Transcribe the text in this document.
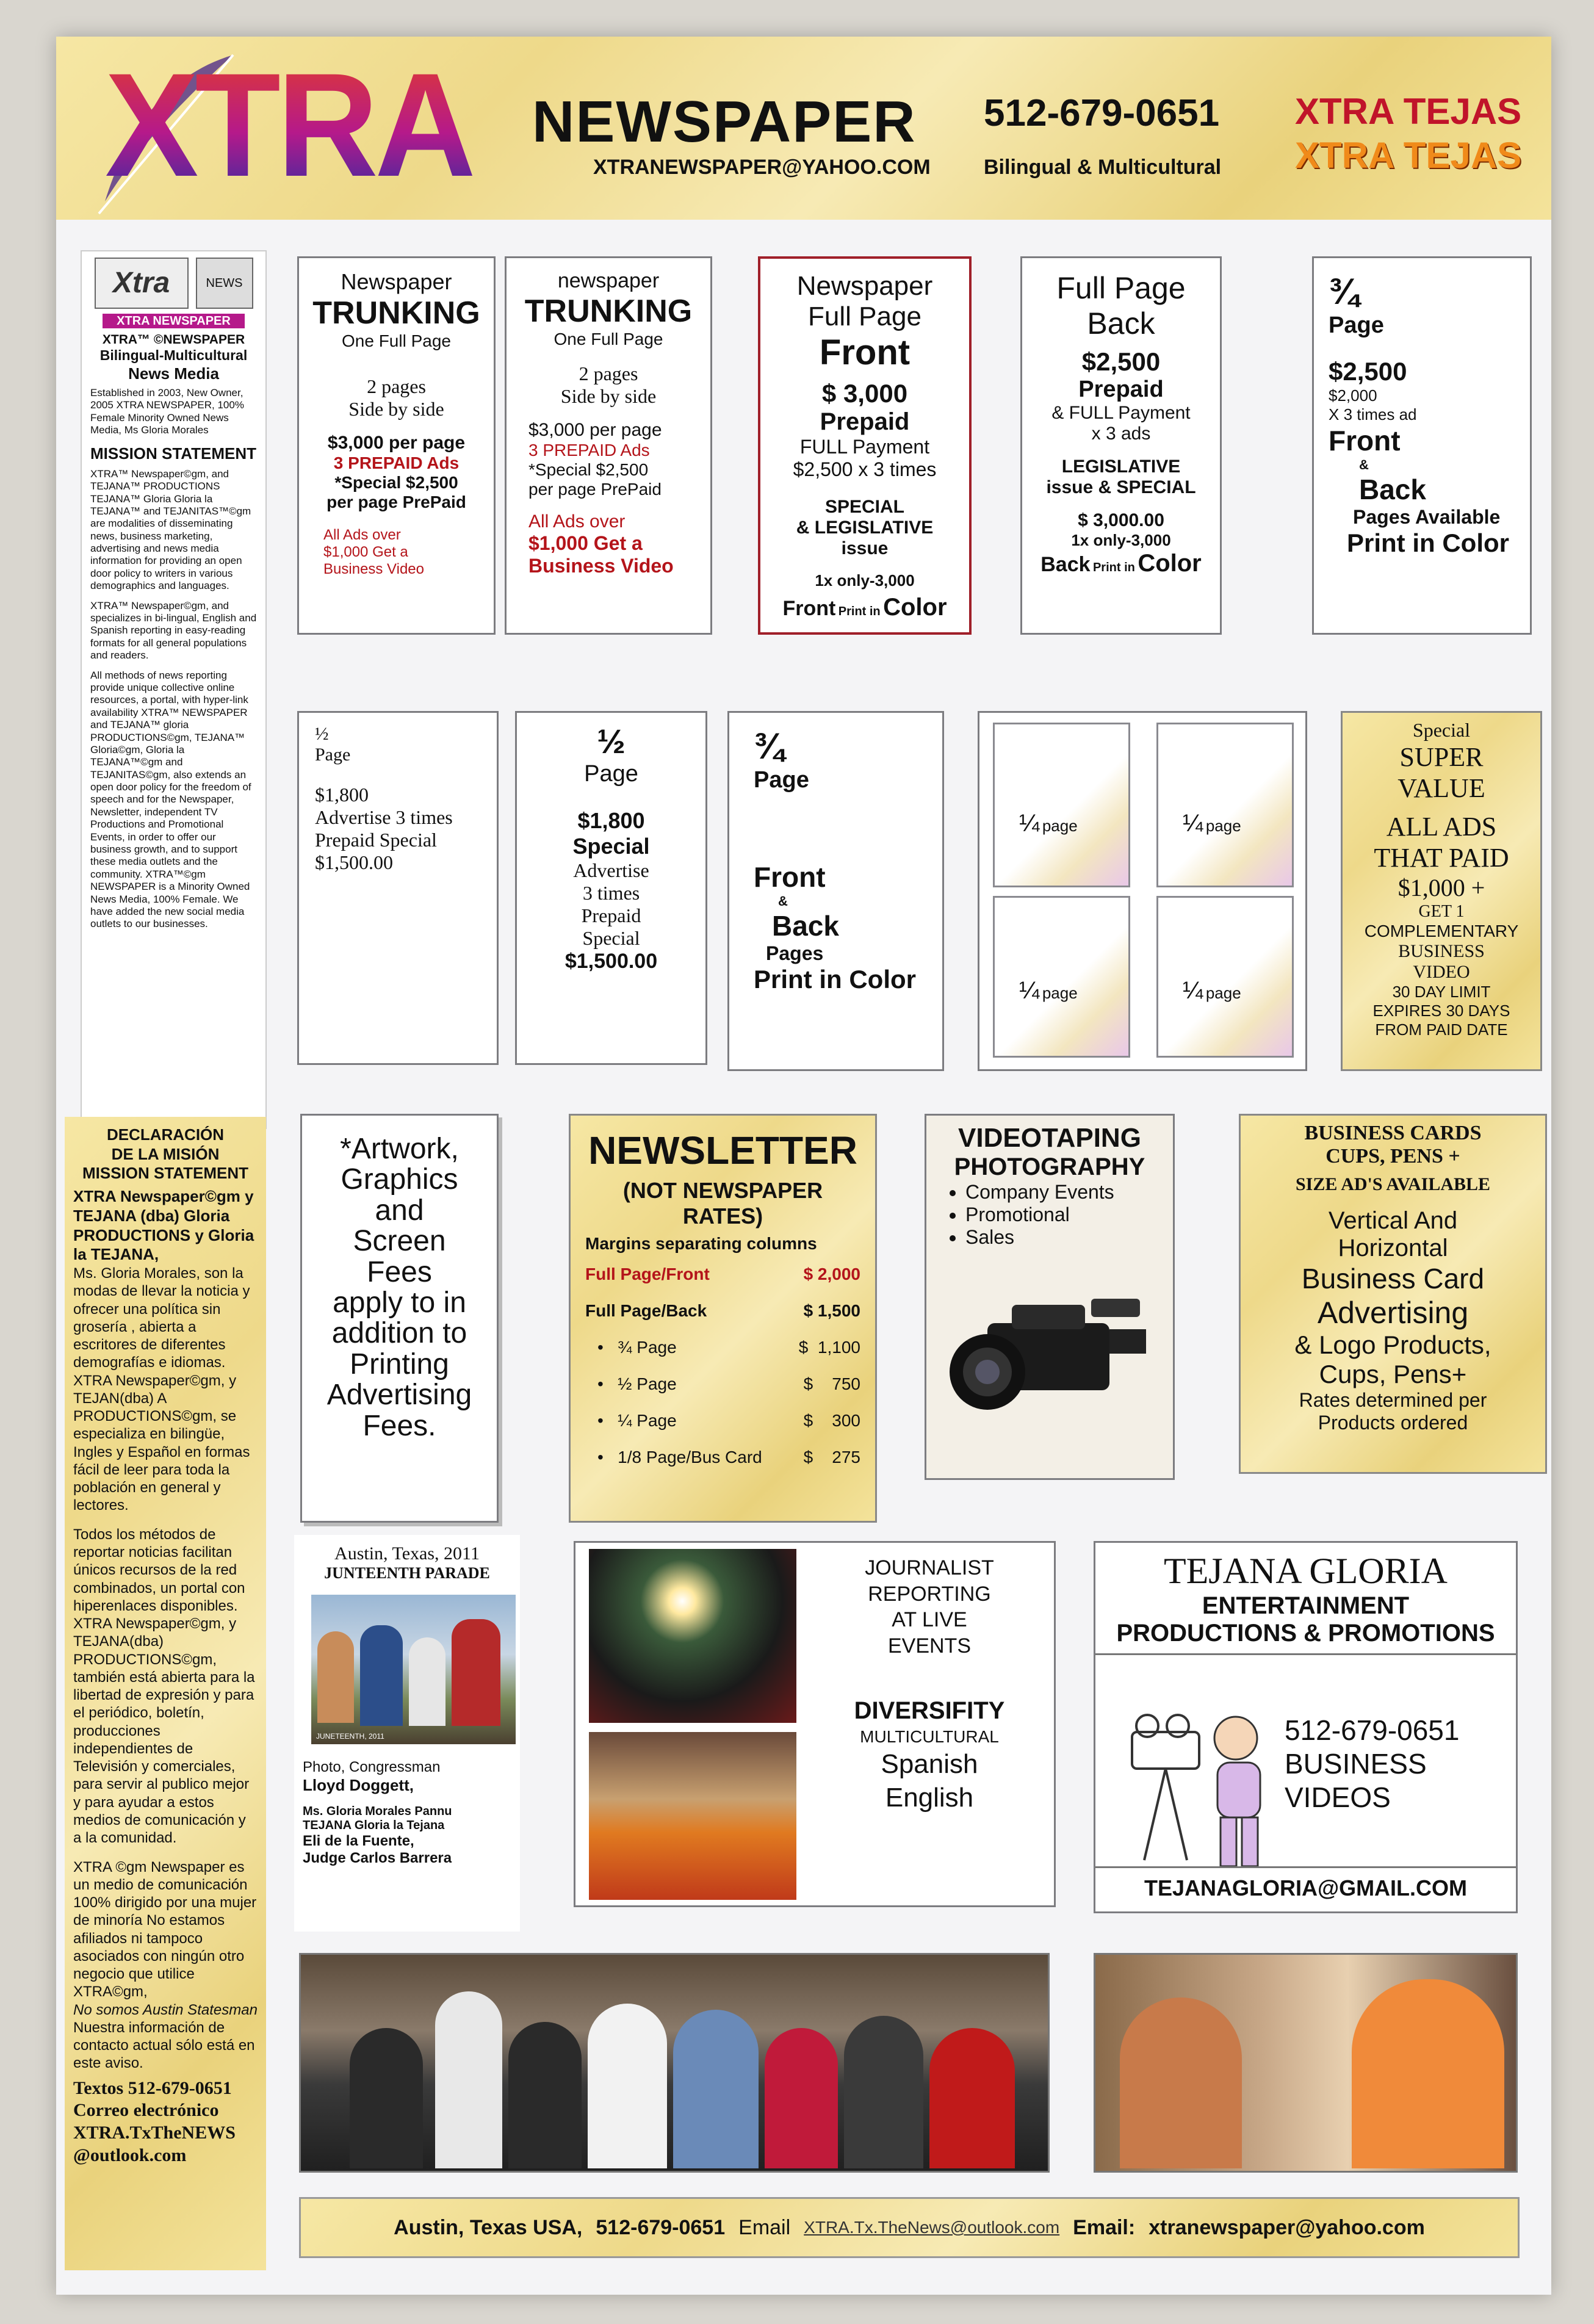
XTRA NEWSPAPER
XTRANEWSPAPER@YAHOO.COM
512-679-0651
Bilingual & Multicultural
XTRA TEJAS
XTRA TEJAS
Xtra	NEWS
XTRA NEWSPAPER
XTRA™ ©NEWSPAPER
Bilingual-Multicultural
News Media

Established in 2003, New Owner, 2005 XTRA NEWSPAPER, 100% Female Minority Owned News Media, Ms Gloria Morales

MISSION STATEMENT

XTRA™ Newspaper©gm, and TEJANA™ PRODUCTIONS TEJANA™ Gloria Gloria la TEJANA™ and TEJANITAS™©gm are modalities of disseminating news, business marketing, advertising and news media information for providing an open door policy to writers in various demographics and languages.

XTRA™ Newspaper©gm, and specializes in bi-lingual, English and Spanish reporting in easy-reading formats for all general populations and readers.

All methods of news reporting provide unique collective online resources, a portal, with hyper-link availability XTRA™ NEWSPAPER and TEJANA™ gloria PRODUCTIONS©gm, TEJANA™ Gloria©gm, Gloria la TEJANA™©gm and TEJANITAS©gm, also extends an open door policy for the freedom of speech and for the Newspaper, Newsletter, independent TV Productions and Promotional Events, in order to offer our business growth, and to support these media outlets and the community. XTRA™©gm NEWSPAPER is a Minority Owned News Media, 100% Female. We have added the new social media outlets to our businesses.

DECLARACIÓN
DE LA MISIÓN
MISSION STATEMENT
XTRA Newspaper©gm y TEJANA (dba) Gloria PRODUCTIONS y Gloria la TEJANA,
Ms. Gloria Morales, son la modas de llevar la noticia y ofrecer una política sin grosería , abierta a escritores de diferentes demografías e idiomas. XTRA Newspaper©gm, y TEJAN(dba) A PRODUCTIONS©gm, se especializa en bilingüe, Ingles y Español en formas fácil de leer para toda la población en general y lectores.
Todos los métodos de reportar noticias facilitan únicos recursos de la red combinados, un portal con hiperenlaces disponibles. XTRA Newspaper©gm, y TEJANA(dba) PRODUCTIONS©gm, también está abierta para la libertad de expresión y para el periódico, boletín, producciones independientes de Televisión y comerciales, para servir al publico mejor y para ayudar a estos medios de comunicación y a la comunidad.
XTRA ©gm Newspaper es un medio de comunicación 100% dirigido por una mujer de minoría No estamos afiliados ni tampoco asociados con ningún otro negocio que utilice XTRA©gm,
No somos Austin Statesman
Nuestra información de contacto actual sólo está en este aviso.
Textos 512-679-0651
Correo electrónico
XTRA.TxTheNEWS
@outlook.com
Newspaper
TRUNKING
One Full Page
2 pages
Side by side
$3,000 per page
3 PREPAID Ads
*Special $2,500
per page PrePaid
All Ads over
$1,000 Get a
Business Video
newspaper
TRUNKING
One Full Page
2 pages
Side by side
$3,000 per page
3 PREPAID Ads
*Special $2,500
per page PrePaid
All Ads over
$1,000 Get a
Business Video
Newspaper
Full Page
Front
$ 3,000
Prepaid
FULL Payment
$2,500 x 3 times
SPECIAL
& LEGISLATIVE
issue
1x only-3,000
Front Print in Color
Full Page
Back
$2,500
Prepaid
& FULL Payment
x 3 ads
LEGISLATIVE
issue & SPECIAL
$ 3,000.00
1x only-3,000
Back Print in Color
¾
Page
$2,500
$2,000
X 3 times ad
Front
&
Back
Pages Available
Print in Color
½
Page
$1,800
Advertise 3 times
Prepaid Special
$1,500.00
½
Page
$1,800
Special
Advertise
3 times
Prepaid
Special
$1,500.00
¾
Page
Front
&
Back
Pages
Print in Color
¼ page	¼ page
¼ page	¼ page
Special
SUPER
VALUE
ALL ADS
THAT PAID
$1,000 +
GET 1
COMPLEMENTARY
BUSINESS
VIDEO
30 DAY LIMIT
EXPIRES 30 DAYS
FROM PAID DATE
*Artwork,
Graphics
and
Screen
Fees
apply to in
addition to
Printing
Advertising
Fees.
NEWSLETTER
(NOT NEWSPAPER RATES)
Margins separating columns
Full Page/Front	$ 2,000
Full Page/Back	$ 1,500
•   ¾ Page	$  1,100
•   ½ Page	$    750
•   ¼ Page	$    300
•   1/8 Page/Bus Card $    275
VIDEOTAPING
PHOTOGRAPHY
• Company Events
• Promotional
• Sales
BUSINESS CARDS
CUPS, PENS +
SIZE AD'S AVAILABLE
Vertical And
Horizontal
Business Card
Advertising
& Logo Products,
Cups, Pens+
Rates determined per
Products ordered
Austin, Texas, 2011
JUNTEENTH PARADE
JUNETEENTH, 2011
Photo, Congressman
Lloyd Doggett,
Ms. Gloria Morales Pannu
TEJANA Gloria la Tejana
Eli de la Fuente,
Judge Carlos Barrera
JOURNALIST
REPORTING
AT LIVE
EVENTS
DIVERSIFITY
MULTICULTURAL
Spanish
English
TEJANA GLORIA
ENTERTAINMENT
PRODUCTIONS & PROMOTIONS
512-679-0651
BUSINESS
VIDEOS
TEJANAGLORIA@GMAIL.COM
Austin, Texas USA, 512-679-0651 Email XTRA.Tx.TheNews@outlook.com Email: xtranewspaper@yahoo.com
